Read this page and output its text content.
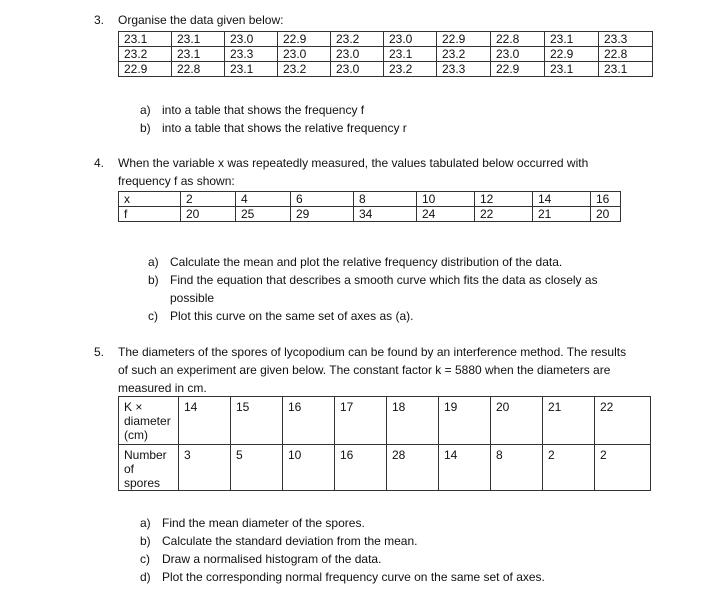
3. Organise the data given below:
23.1	23.1	23.0	22.9	23.2	23.0	22.9	22.8	23.1	23.3
23.2	23.1	23.3	23.0	23.0	23.1	23.2	23.0	22.9	22.8
22.9	22.8	23.1	23.2	23.0	23.2	23.3	22.9	23.1	23.1
a) into a table that shows the frequency f
b) into a table that shows the relative frequency r
4. When the variable x was repeatedly measured, the values tabulated below occurred with
frequency f as shown:
x	2	4	6	8	10	12	14	16
f	20	25	29	34	24	22	21	20
a) Calculate the mean and plot the relative frequency distribution of the data.
b) Find the equation that describes a smooth curve which fits the data as closely as
possible
c) Plot this curve on the same set of axes as (a).
5. The diameters of the spores of lycopodium can be found by an interference method. The results
of such an experiment are given below. The constant factor k = 5880 when the diameters are
measured in cm.
K ×
diameter
(cm)	14	15	16	17	18	19	20	21	22

Number
of
spores	3	5	10	16	28	14	8	2	2
a) Find the mean diameter of the spores.
b) Calculate the standard deviation from the mean.
c) Draw a normalised histogram of the data.
d) Plot the corresponding normal frequency curve on the same set of axes.
